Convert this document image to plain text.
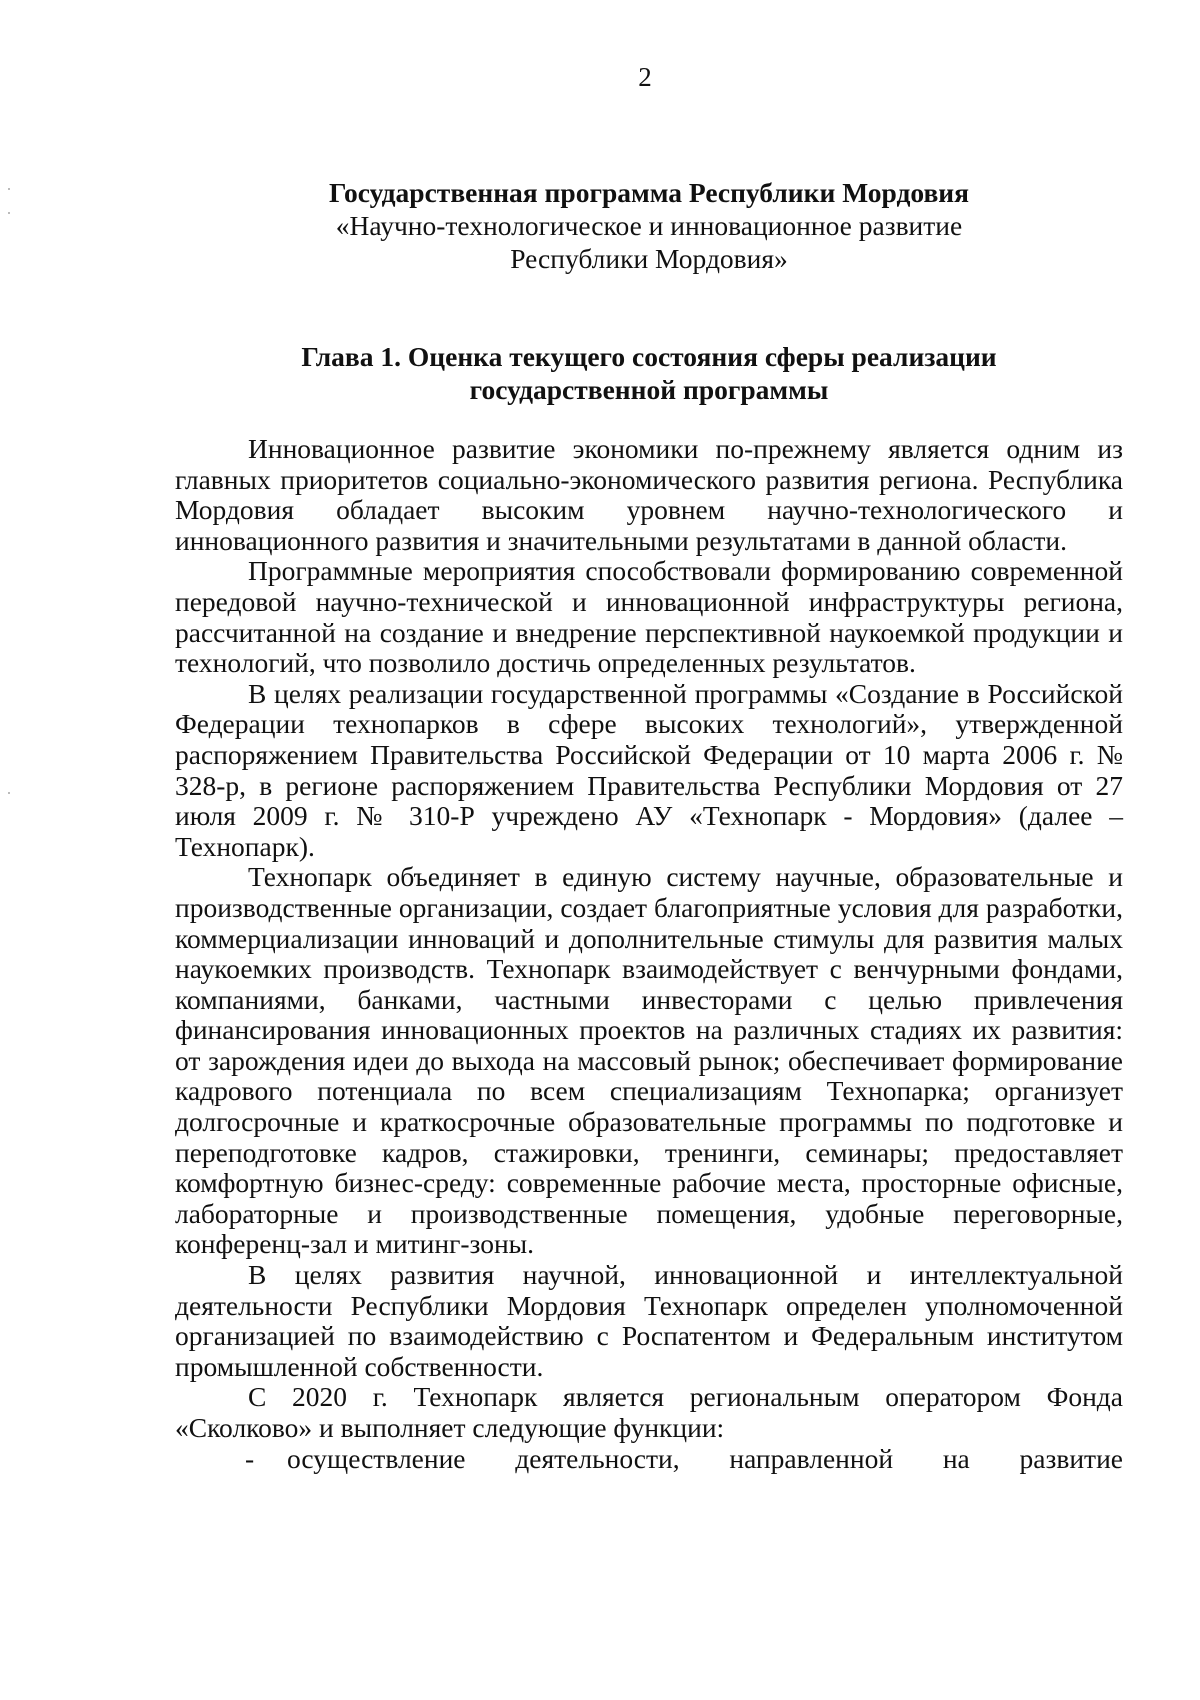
2
Государственная программа Республики Мордовия
«Научно-технологическое и инновационное развитие
Республики Мордовия»
Глава 1. Оценка текущего состояния сферы реализации
государственной программы

Инновационное развитие экономики по-прежнему является одним из главных приоритетов социально-экономического развития региона. Республика Мордовия обладает высоким уровнем научно-технологического и инновационного развития и значительными результатами в данной области.

Программные мероприятия способствовали формированию современной передовой научно-технической и инновационной инфраструктуры региона, рассчитанной на создание и внедрение перспективной наукоемкой продукции и технологий, что позволило достичь определенных результатов.

В целях реализации государственной программы «Создание в Российской Федерации технопарков в сфере высоких технологий», утвержденной распоряжением Правительства Российской Федерации от 10 марта 2006 г. № 328-р, в регионе распоряжением Правительства Республики Мордовия от 27 июля 2009 г. № 310-Р учреждено АУ «Технопарк - Мордовия» (далее – Технопарк).

Технопарк объединяет в единую систему научные, образовательные и производственные организации, создает благоприятные условия для разработки, коммерциализации инноваций и дополнительные стимулы для развития малых наукоемких производств. Технопарк взаимодействует с венчурными фондами, компаниями, банками, частными инвесторами с целью привлечения финансирования инновационных проектов на различных стадиях их развития: от зарождения идеи до выхода на массовый рынок; обеспечивает формирование кадрового потенциала по всем специализациям Технопарка; организует долгосрочные и краткосрочные образовательные программы по подготовке и переподготовке кадров, стажировки, тренинги, семинары; предоставляет комфортную бизнес-среду: современные рабочие места, просторные офисные, лабораторные и производственные помещения, удобные переговорные, конференц-зал и митинг-зоны.

В целях развития научной, инновационной и интеллектуальной деятельности Республики Мордовия Технопарк определен уполномоченной организацией по взаимодействию с Роспатентом и Федеральным институтом промышленной собственности.

С 2020 г. Технопарк является региональным оператором Фонда «Сколково» и выполняет следующие функции:

-	осуществление деятельности, направленной на развитие
